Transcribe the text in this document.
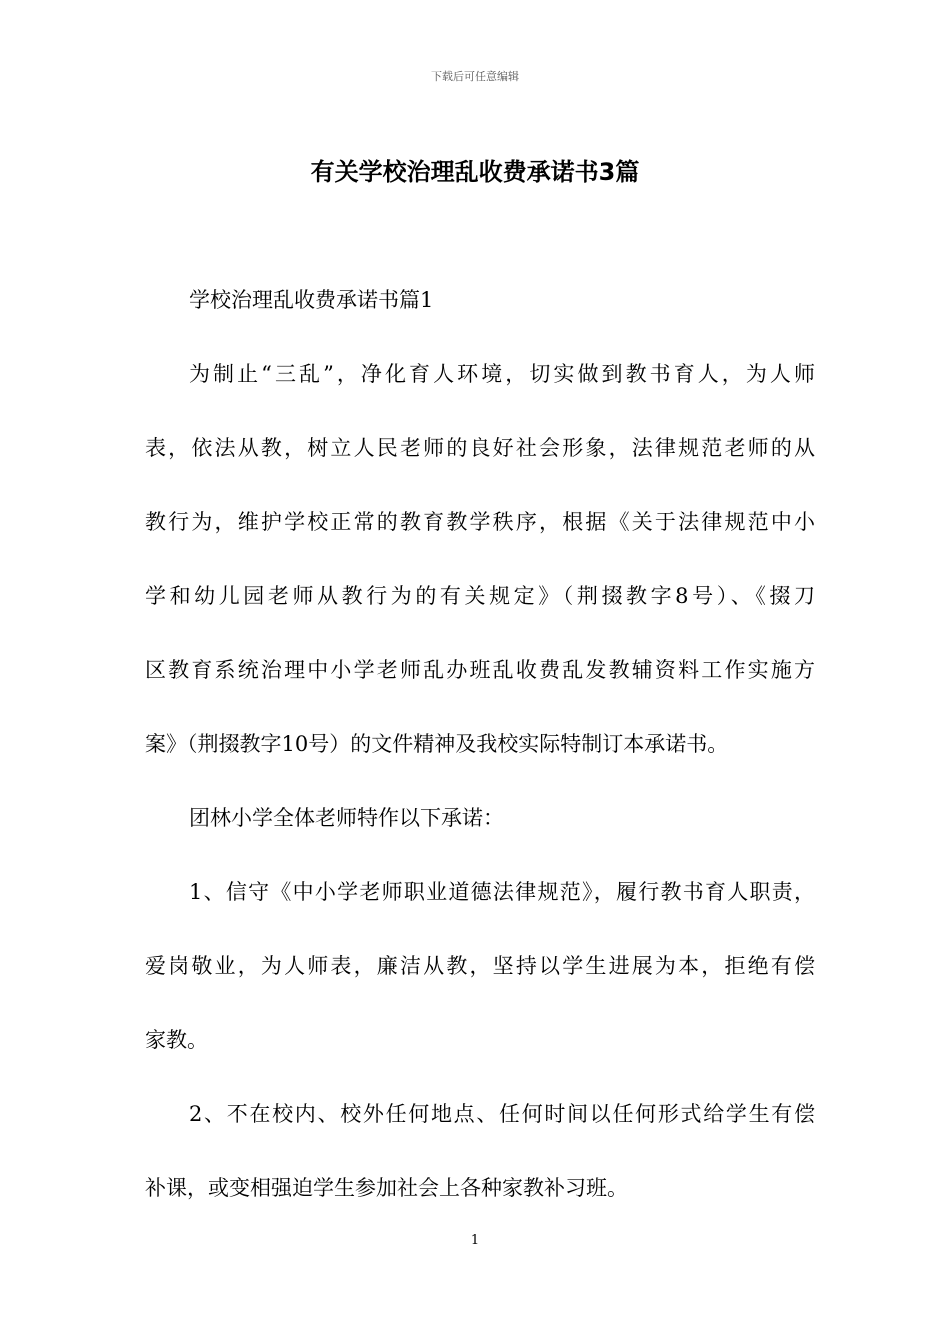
下载后可任意编辑
有关学校治理乱收费承诺书3篇
学校治理乱收费承诺书篇1
为制止“三乱”，净化育人环境，切实做到教书育人，为人师
表，依法从教，树立人民老师的良好社会形象，法律规范老师的从
教行为，维护学校正常的教育教学秩序，根据《关于法律规范中小
学和幼儿园老师从教行为的有关规定》（荆掇教字8号）、《掇刀
区教育系统治理中小学老师乱办班乱收费乱发教辅资料工作实施方
案》（荆掇教字10号）的文件精神及我校实际特制订本承诺书。
团林小学全体老师特作以下承诺：
1、信守《中小学老师职业道德法律规范》，履行教书育人职责，
爱岗敬业，为人师表，廉洁从教，坚持以学生进展为本，拒绝有偿
家教。
2、不在校内、校外任何地点、任何时间以任何形式给学生有偿
补课，或变相强迫学生参加社会上各种家教补习班。
1
